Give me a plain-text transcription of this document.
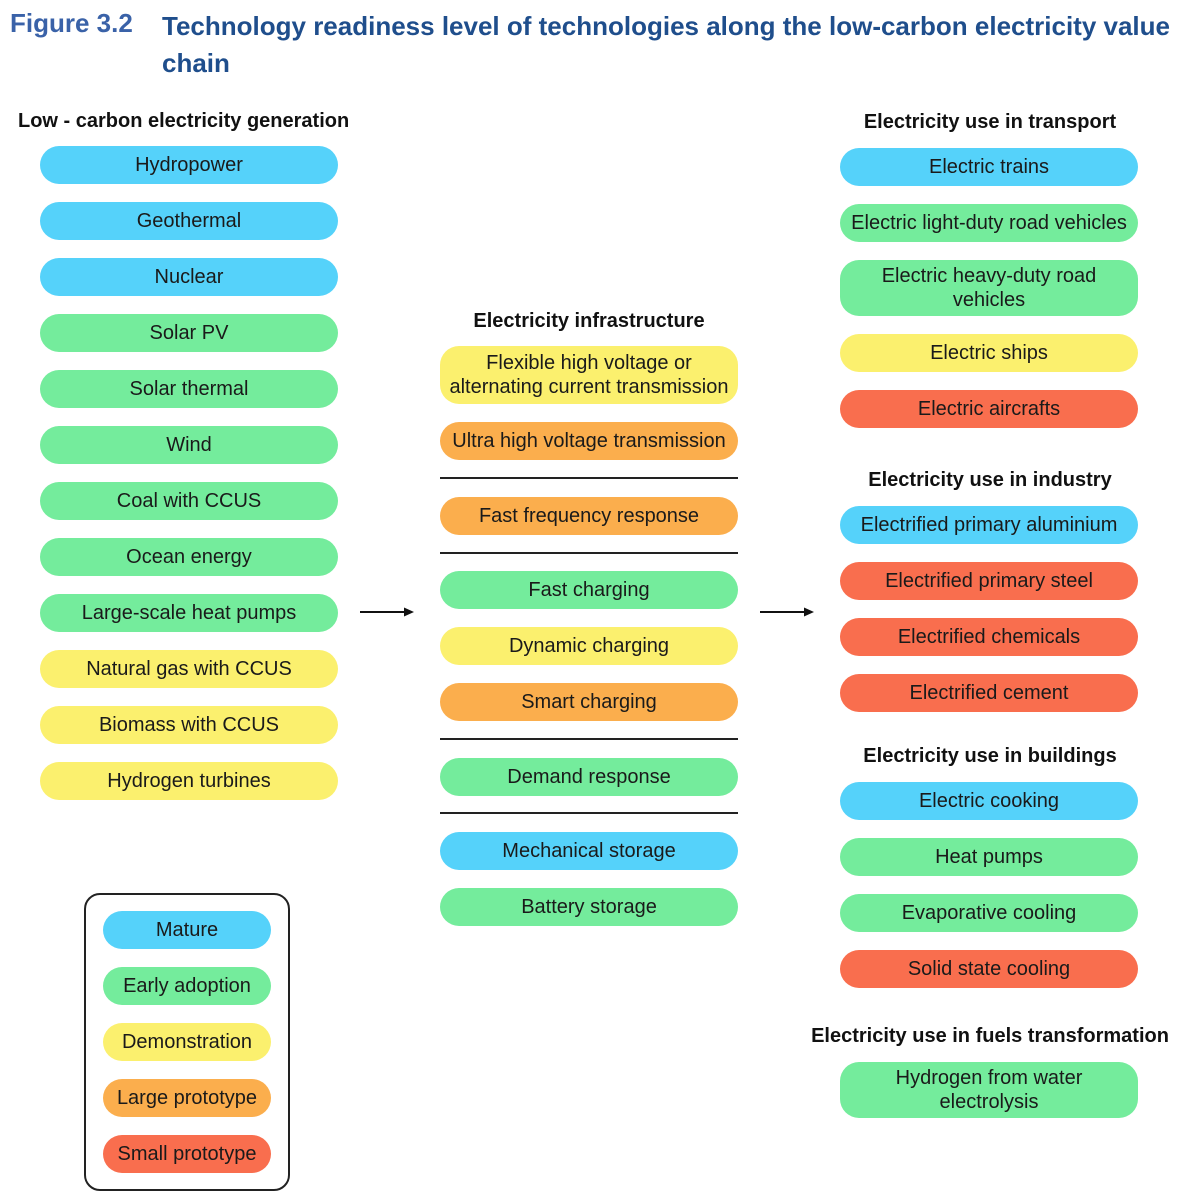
Figure 3.2 Technology readiness level of technologies along the low-carbon electricity value chain
Low - carbon electricity generation
Electricity infrastructure
Electricity use in transport
Electricity use in industry
Electricity use in buildings
Electricity use in fuels transformation
Hydropower
Geothermal
Nuclear
Solar PV
Solar thermal
Wind
Coal with CCUS
Ocean energy
Large-scale heat pumps
Natural gas with CCUS
Biomass with CCUS
Hydrogen turbines
Flexible high voltage or alternating current transmission
Ultra high voltage transmission
Fast frequency response
Fast charging
Dynamic charging
Smart charging
Demand response
Mechanical storage
Battery storage
Electric trains
Electric light-duty road vehicles
Electric heavy-duty road vehicles
Electric ships
Electric aircrafts
Electrified primary aluminium
Electrified primary steel
Electrified chemicals
Electrified cement
Electric cooking
Heat pumps
Evaporative cooling
Solid state cooling
Hydrogen from water electrolysis
Mature
Early adoption
Demonstration
Large prototype
Small prototype
